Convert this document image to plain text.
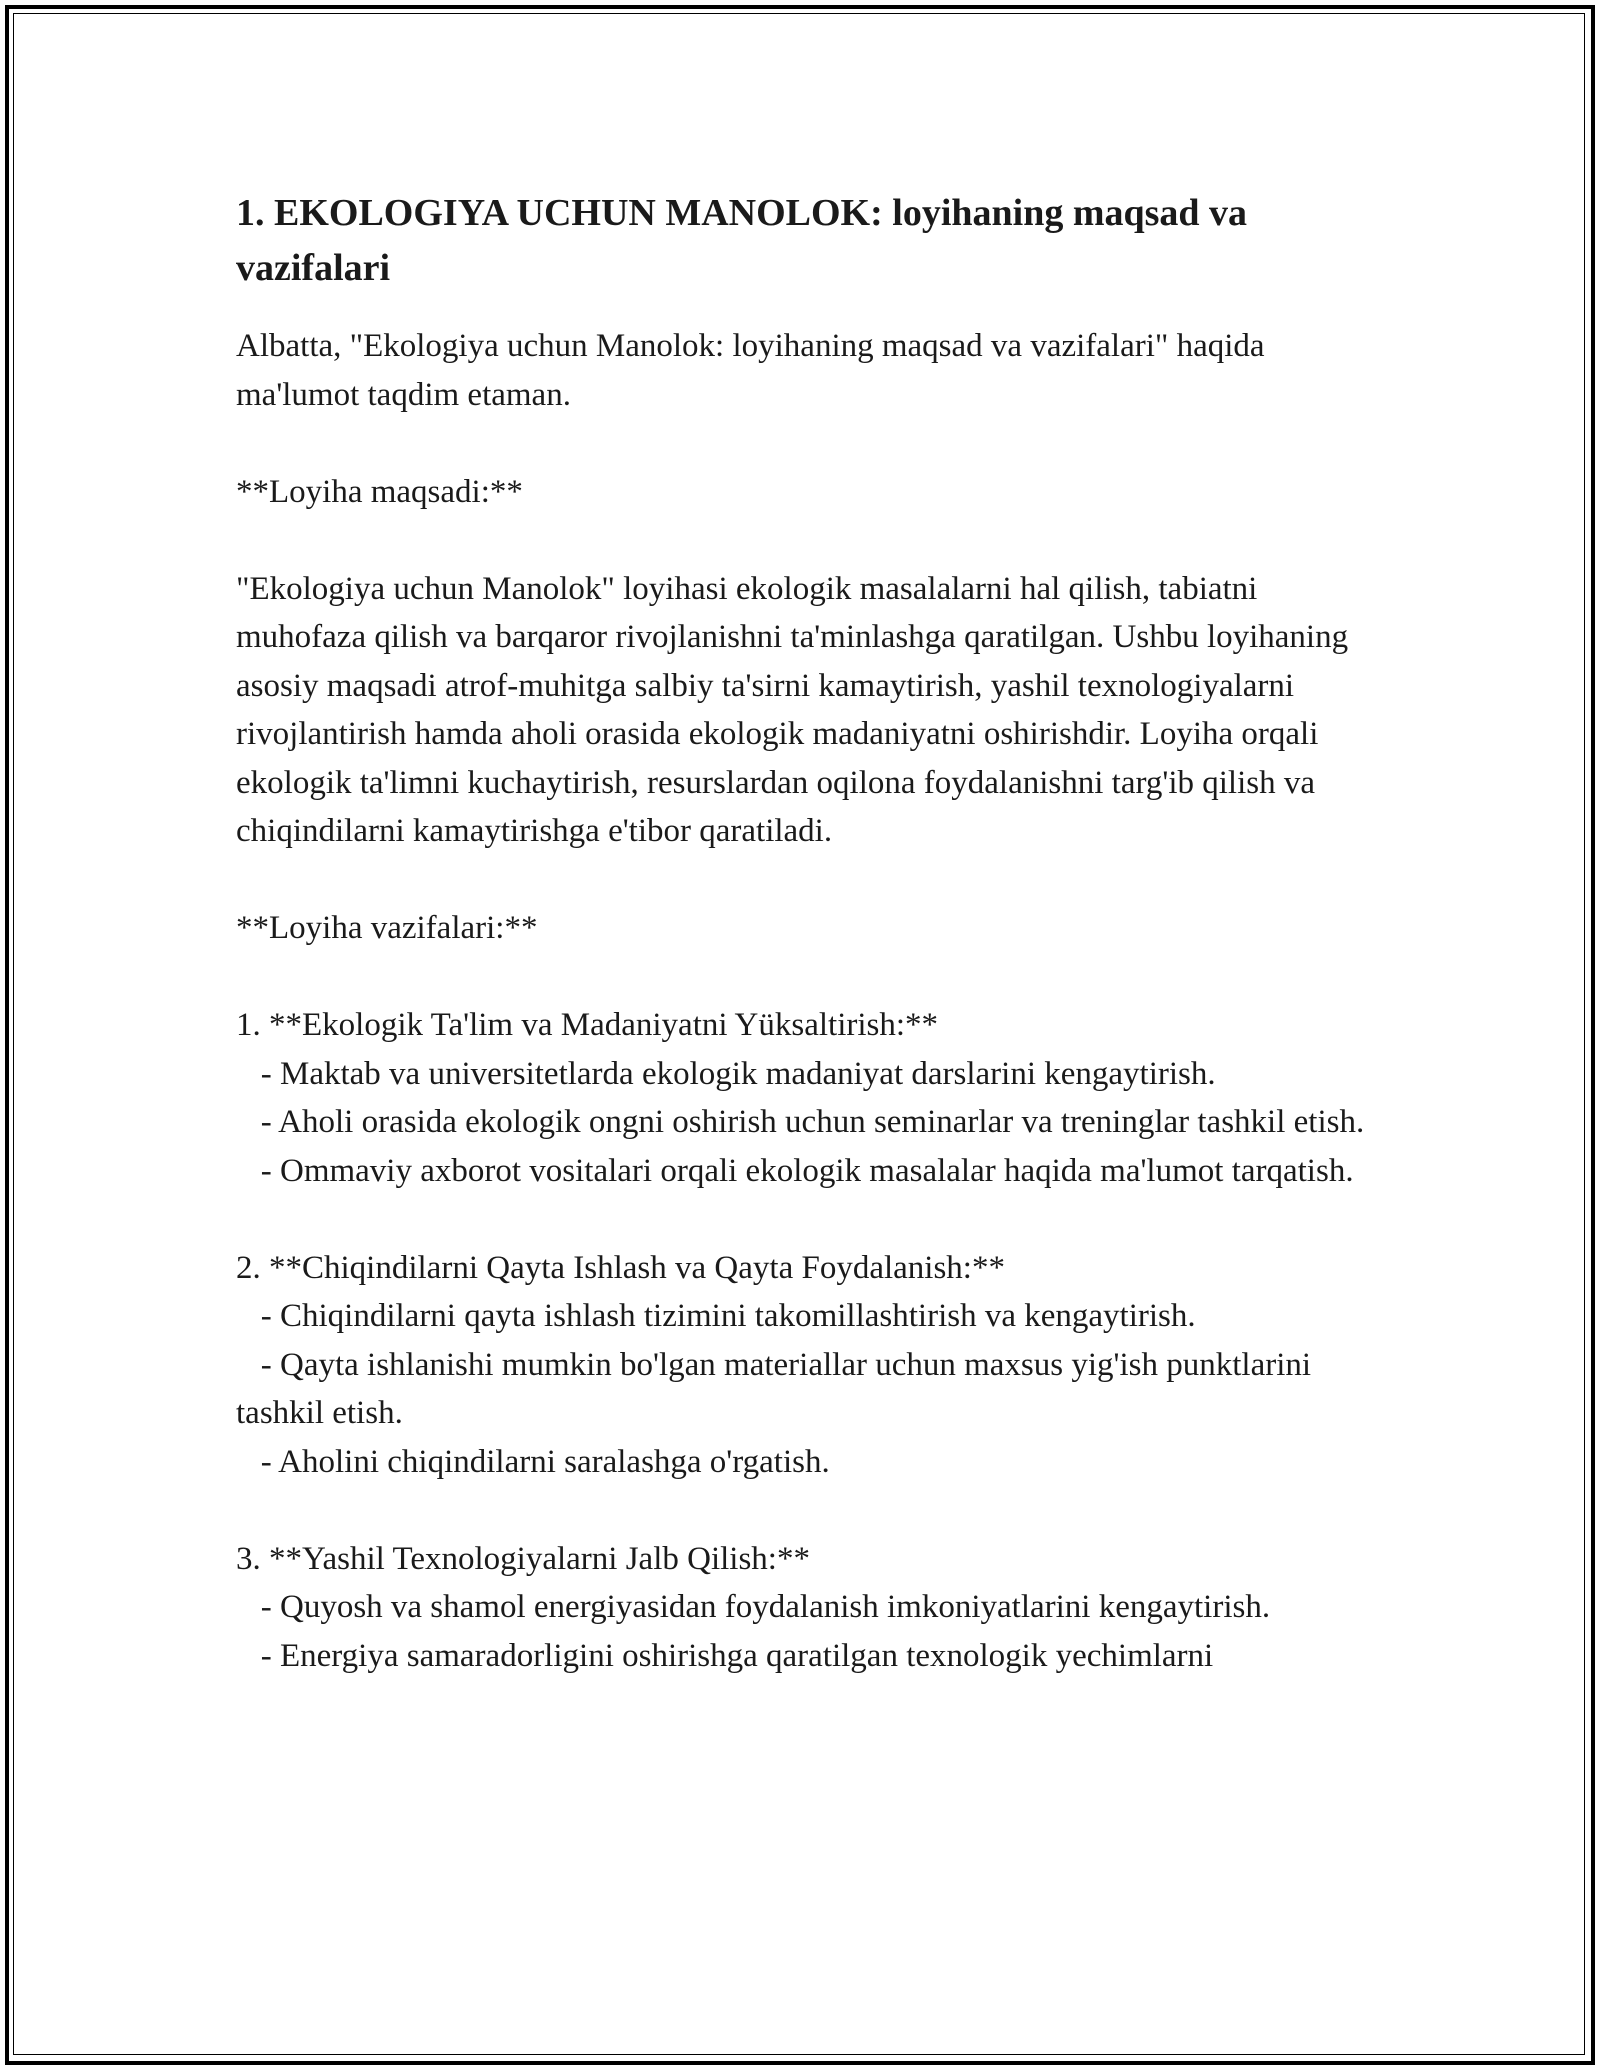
1. EKOLOGIYA UCHUN MANOLOK: loyihaning maqsad va vazifalari

Albatta, "Ekologiya uchun Manolok: loyihaning maqsad va vazifalari" haqida ma'lumot taqdim etaman.

**Loyiha maqsadi:**

"Ekologiya uchun Manolok" loyihasi ekologik masalalarni hal qilish, tabiatni muhofaza qilish va barqaror rivojlanishni ta'minlashga qaratilgan. Ushbu loyihaning asosiy maqsadi atrof-muhitga salbiy ta'sirni kamaytirish, yashil texnologiyalarni rivojlantirish hamda aholi orasida ekologik madaniyatni oshirishdir. Loyiha orqali ekologik ta'limni kuchaytirish, resurslardan oqilona foydalanishni targ'ib qilish va chiqindilarni kamaytirishga e'tibor qaratiladi.

**Loyiha vazifalari:**

1. **Ekologik Ta'lim va Madaniyatni Yüksaltirish:**

- Maktab va universitetlarda ekologik madaniyat darslarini kengaytirish.

- Aholi orasida ekologik ongni oshirish uchun seminarlar va treninglar tashkil etish.

- Ommaviy axborot vositalari orqali ekologik masalalar haqida ma'lumot tarqatish.

2. **Chiqindilarni Qayta Ishlash va Qayta Foydalanish:**

- Chiqindilarni qayta ishlash tizimini takomillashtirish va kengaytirish.

- Qayta ishlanishi mumkin bo'lgan materiallar uchun maxsus yig'ish punktlarini tashkil etish.

- Aholini chiqindilarni saralashga o'rgatish.

3. **Yashil Texnologiyalarni Jalb Qilish:**

- Quyosh va shamol energiyasidan foydalanish imkoniyatlarini kengaytirish.

- Energiya samaradorligini oshirishga qaratilgan texnologik yechimlarni
